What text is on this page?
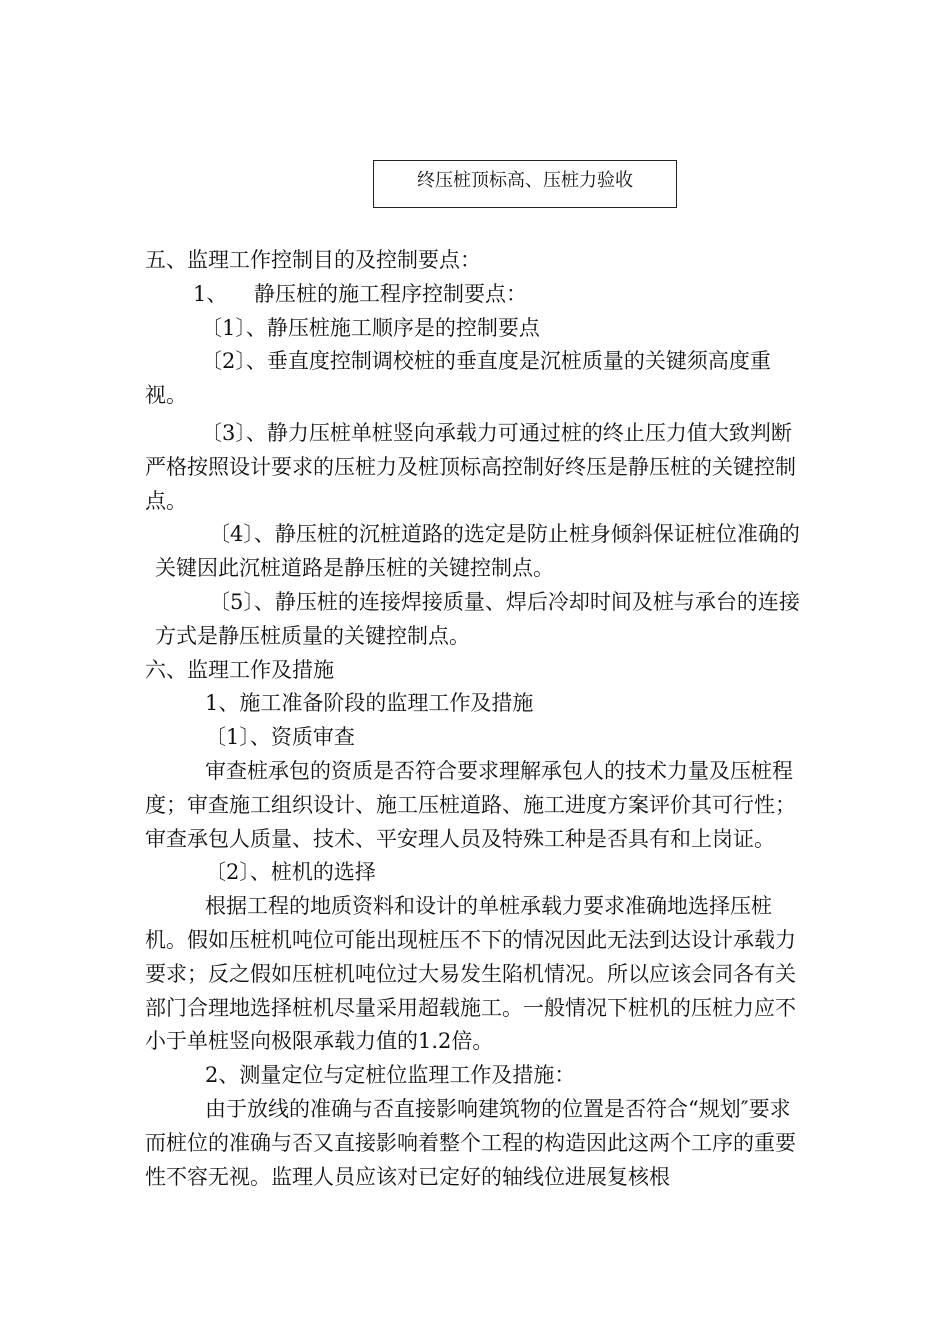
终压桩顶标高、压桩力验收

五、监理工作控制目的及控制要点：

1、    静压桩的施工程序控制要点：

〔1〕、静压桩施工顺序是的控制要点

〔2〕、垂直度控制调校桩的垂直度是沉桩质量的关键须高度重视。

〔3〕、静力压桩单桩竖向承载力可通过桩的终止压力值大致判断严格按照设计要求的压桩力及桩顶标高控制好终压是静压桩的关键控制点。

〔4〕、静压桩的沉桩道路的选定是防止桩身倾斜保证桩位准确的关键因此沉桩道路是静压桩的关键控制点。

〔5〕、静压桩的连接焊接质量、焊后冷却时间及桩与承台的连接方式是静压桩质量的关键控制点。

六、监理工作及措施

1、施工准备阶段的监理工作及措施

〔1〕、资质审查

审查桩承包的资质是否符合要求理解承包人的技术力量及压桩程度；审查施工组织设计、施工压桩道路、施工进度方案评价其可行性；审查承包人质量、技术、平安理人员及特殊工种是否具有和上岗证。

〔2〕、桩机的选择

根据工程的地质资料和设计的单桩承载力要求准确地选择压桩机。假如压桩机吨位可能出现桩压不下的情况因此无法到达设计承载力要求；反之假如压桩机吨位过大易发生陷机情况。所以应该会同各有关部门合理地选择桩机尽量采用超载施工。一般情况下桩机的压桩力应不小于单桩竖向极限承载力值的1.2倍。

2、测量定位与定桩位监理工作及措施：

由于放线的准确与否直接影响建筑物的位置是否符合“规划″要求而桩位的准确与否又直接影响着整个工程的构造因此这两个工序的重要性不容无视。监理人员应该对已定好的轴线位进展复核根
